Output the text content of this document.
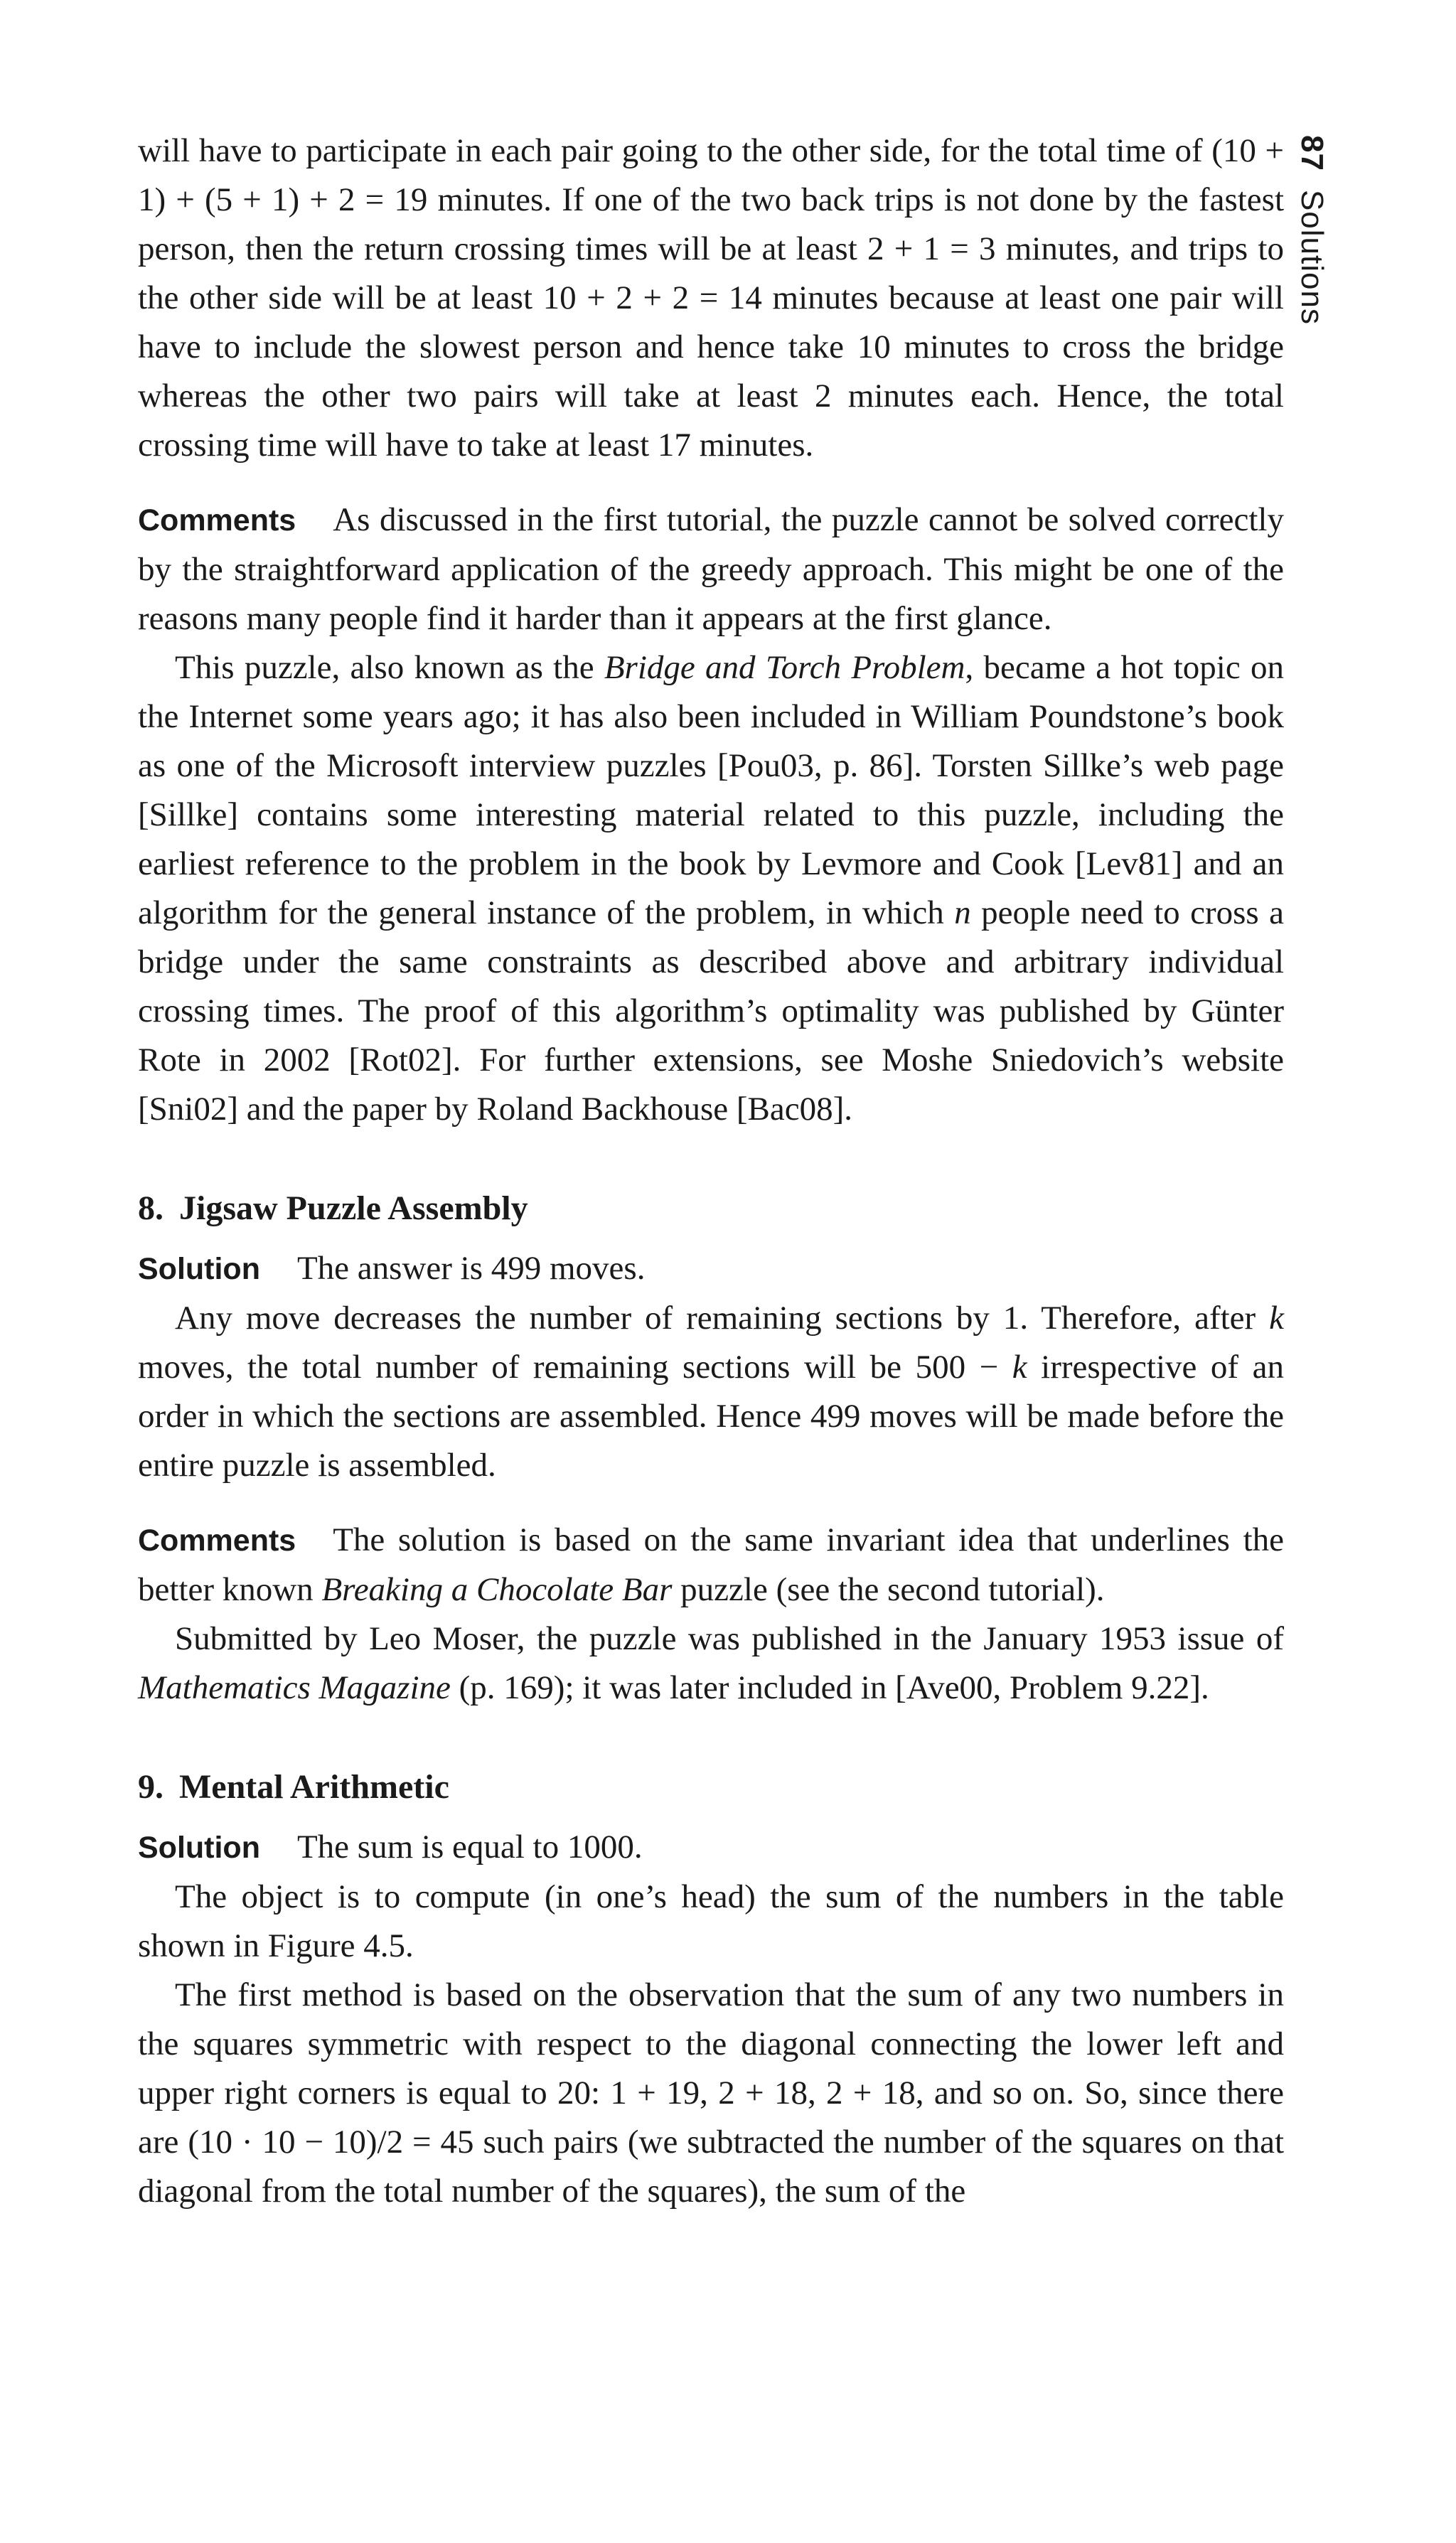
87Solutions

will have to participate in each pair going to the other side, for the total time of (10 + 1) + (5 + 1) + 2 = 19 minutes. If one of the two back trips is not done by the fastest person, then the return crossing times will be at least 2 + 1 = 3 minutes, and trips to the other side will be at least 10 + 2 + 2 = 14 minutes because at least one pair will have to include the slowest person and hence take 10 minutes to cross the bridge whereas the other two pairs will take at least 2 minutes each. Hence, the total crossing time will have to take at least 17 minutes.

Comments As discussed in the first tutorial, the puzzle cannot be solved correctly by the straightforward application of the greedy approach. This might be one of the reasons many people find it harder than it appears at the first glance.

This puzzle, also known as the Bridge and Torch Problem, became a hot topic on the Internet some years ago; it has also been included in William Poundstone’s book as one of the Microsoft interview puzzles [Pou03, p. 86]. Torsten Sillke’s web page [Sillke] contains some interesting material related to this puzzle, including the earliest reference to the problem in the book by Levmore and Cook [Lev81] and an algorithm for the general instance of the problem, in which n people need to cross a bridge under the same constraints as described above and arbitrary individual crossing times. The proof of this algorithm’s optimality was published by Günter Rote in 2002 [Rot02]. For further extensions, see Moshe Sniedovich’s website [Sni02] and the paper by Roland Backhouse [Bac08].

8. Jigsaw Puzzle Assembly

Solution The answer is 499 moves.

Any move decreases the number of remaining sections by 1. Therefore, after k moves, the total number of remaining sections will be 500 − k irrespective of an order in which the sections are assembled. Hence 499 moves will be made before the entire puzzle is assembled.

Comments The solution is based on the same invariant idea that underlines the better known Breaking a Chocolate Bar puzzle (see the second tutorial).

Submitted by Leo Moser, the puzzle was published in the January 1953 issue of Mathematics Magazine (p. 169); it was later included in [Ave00, Problem 9.22].

9. Mental Arithmetic

Solution The sum is equal to 1000.

The object is to compute (in one’s head) the sum of the numbers in the table shown in Figure 4.5.

The first method is based on the observation that the sum of any two numbers in the squares symmetric with respect to the diagonal connecting the lower left and upper right corners is equal to 20: 1 + 19, 2 + 18, 2 + 18, and so on. So, since there are (10 · 10 − 10)/2 = 45 such pairs (we subtracted the number of the squares on that diagonal from the total number of the squares), the sum of the
